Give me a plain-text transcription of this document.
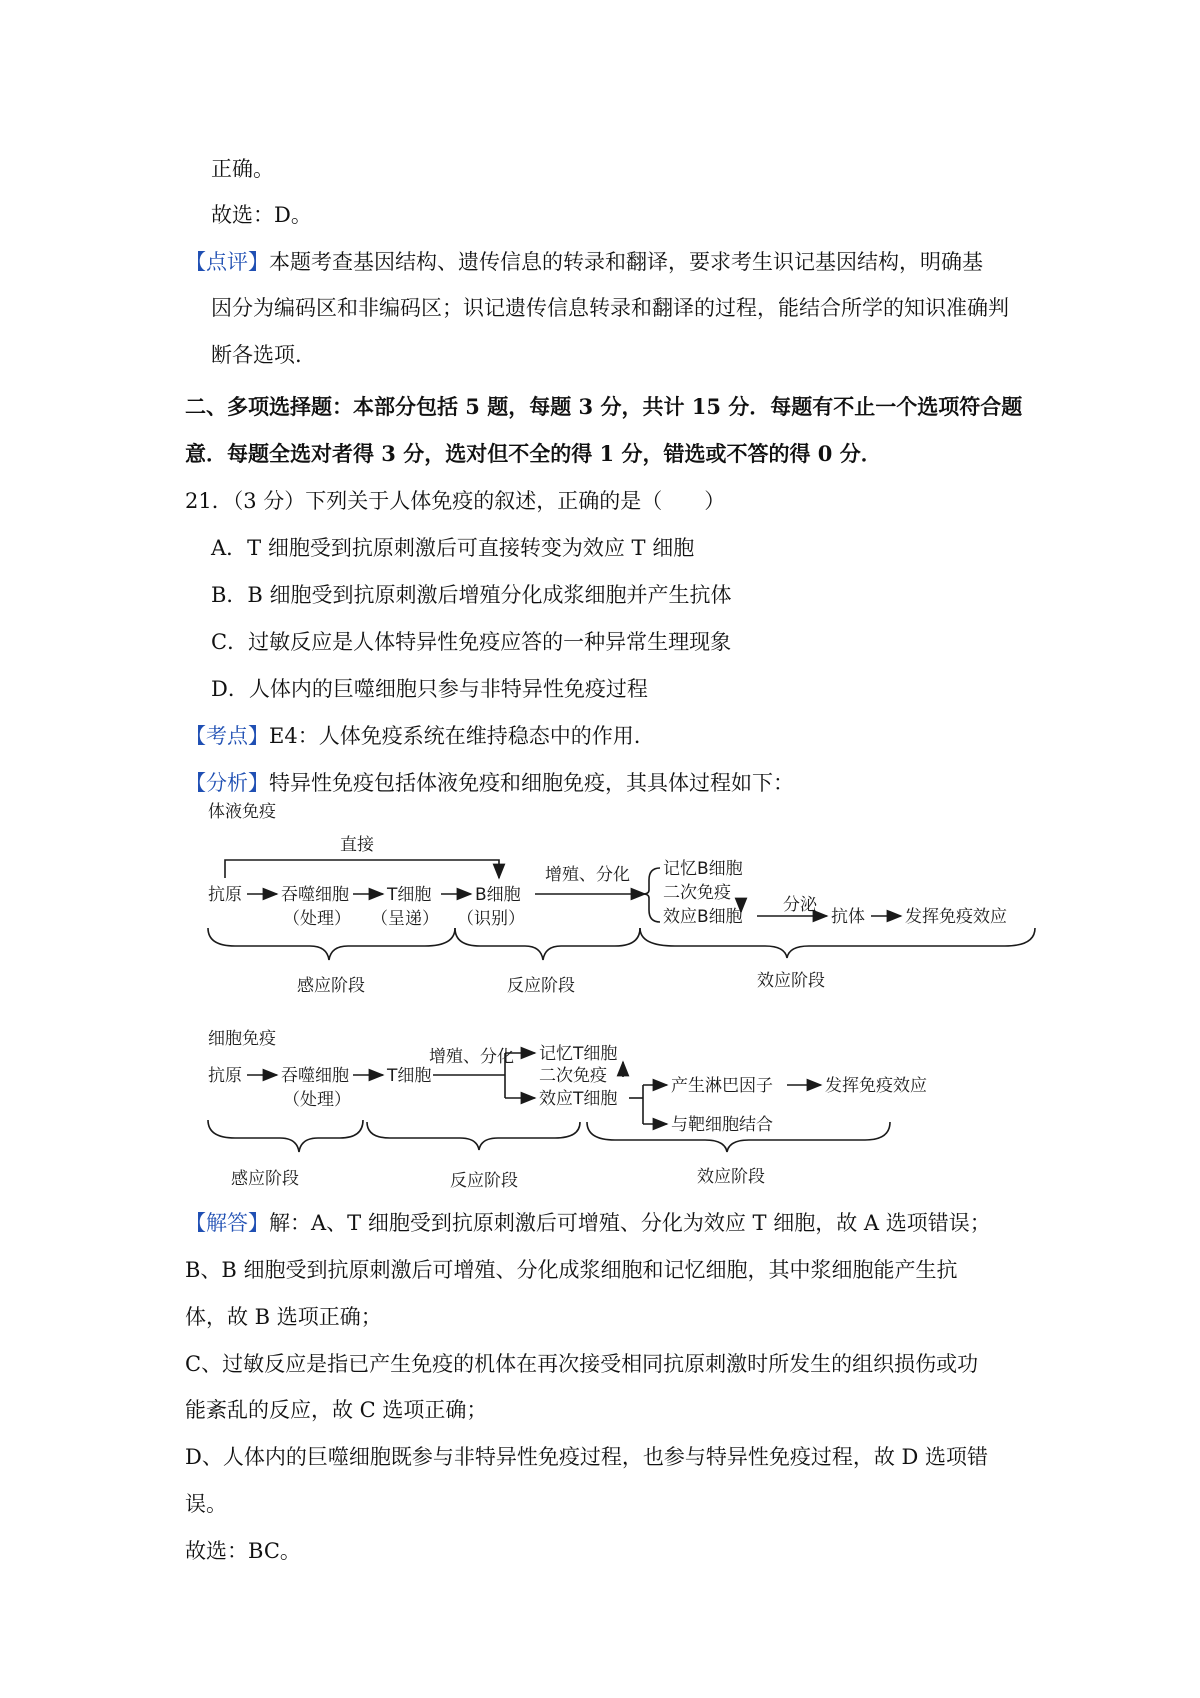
正确。
故选：D。
【点评】本题考查基因结构、遗传信息的转录和翻译，要求考生识记基因结构，明确基
因分为编码区和非编码区；识记遗传信息转录和翻译的过程，能结合所学的知识准确判
断各选项.
二、多项选择题：本部分包括 5 题，每题 3 分，共计 15 分．每题有不止一个选项符合题
意．每题全选对者得 3 分，选对但不全的得 1 分，错选或不答的得 0 分．
21．（3 分）下列关于人体免疫的叙述，正确的是（　　）
A．T 细胞受到抗原刺激后可直接转变为效应 T 细胞
B．B 细胞受到抗原刺激后增殖分化成浆细胞并产生抗体
C．过敏反应是人体特异性免疫应答的一种异常生理现象
D．人体内的巨噬细胞只参与非特异性免疫过程
【考点】E4：人体免疫系统在维持稳态中的作用.
【分析】特异性免疫包括体液免疫和细胞免疫，其具体过程如下：
体液免疫
直接
抗原 吞噬细胞
（处理）
T细胞
（呈递）
B细胞
（识别）
增殖、分化 记忆B细胞
二次免疫
效应B细胞
分泌
抗体 发挥免疫效应
感应阶段	反应阶段	效应阶段
细胞免疫
抗原 吞噬细胞
（处理）
T细胞
增殖、分化 记忆T细胞
二次免疫
效应T细胞
产生淋巴因子	发挥免疫效应
与靶细胞结合
感应阶段	反应阶段	效应阶段
【解答】解：A、T 细胞受到抗原刺激后可增殖、分化为效应 T 细胞，故 A 选项错误；
B、B 细胞受到抗原刺激后可增殖、分化成浆细胞和记忆细胞，其中浆细胞能产生抗
体，故 B 选项正确；
C、过敏反应是指已产生免疫的机体在再次接受相同抗原刺激时所发生的组织损伤或功
能紊乱的反应，故 C 选项正确；
D、人体内的巨噬细胞既参与非特异性免疫过程，也参与特异性免疫过程，故 D 选项错
误。
故选：BC。
